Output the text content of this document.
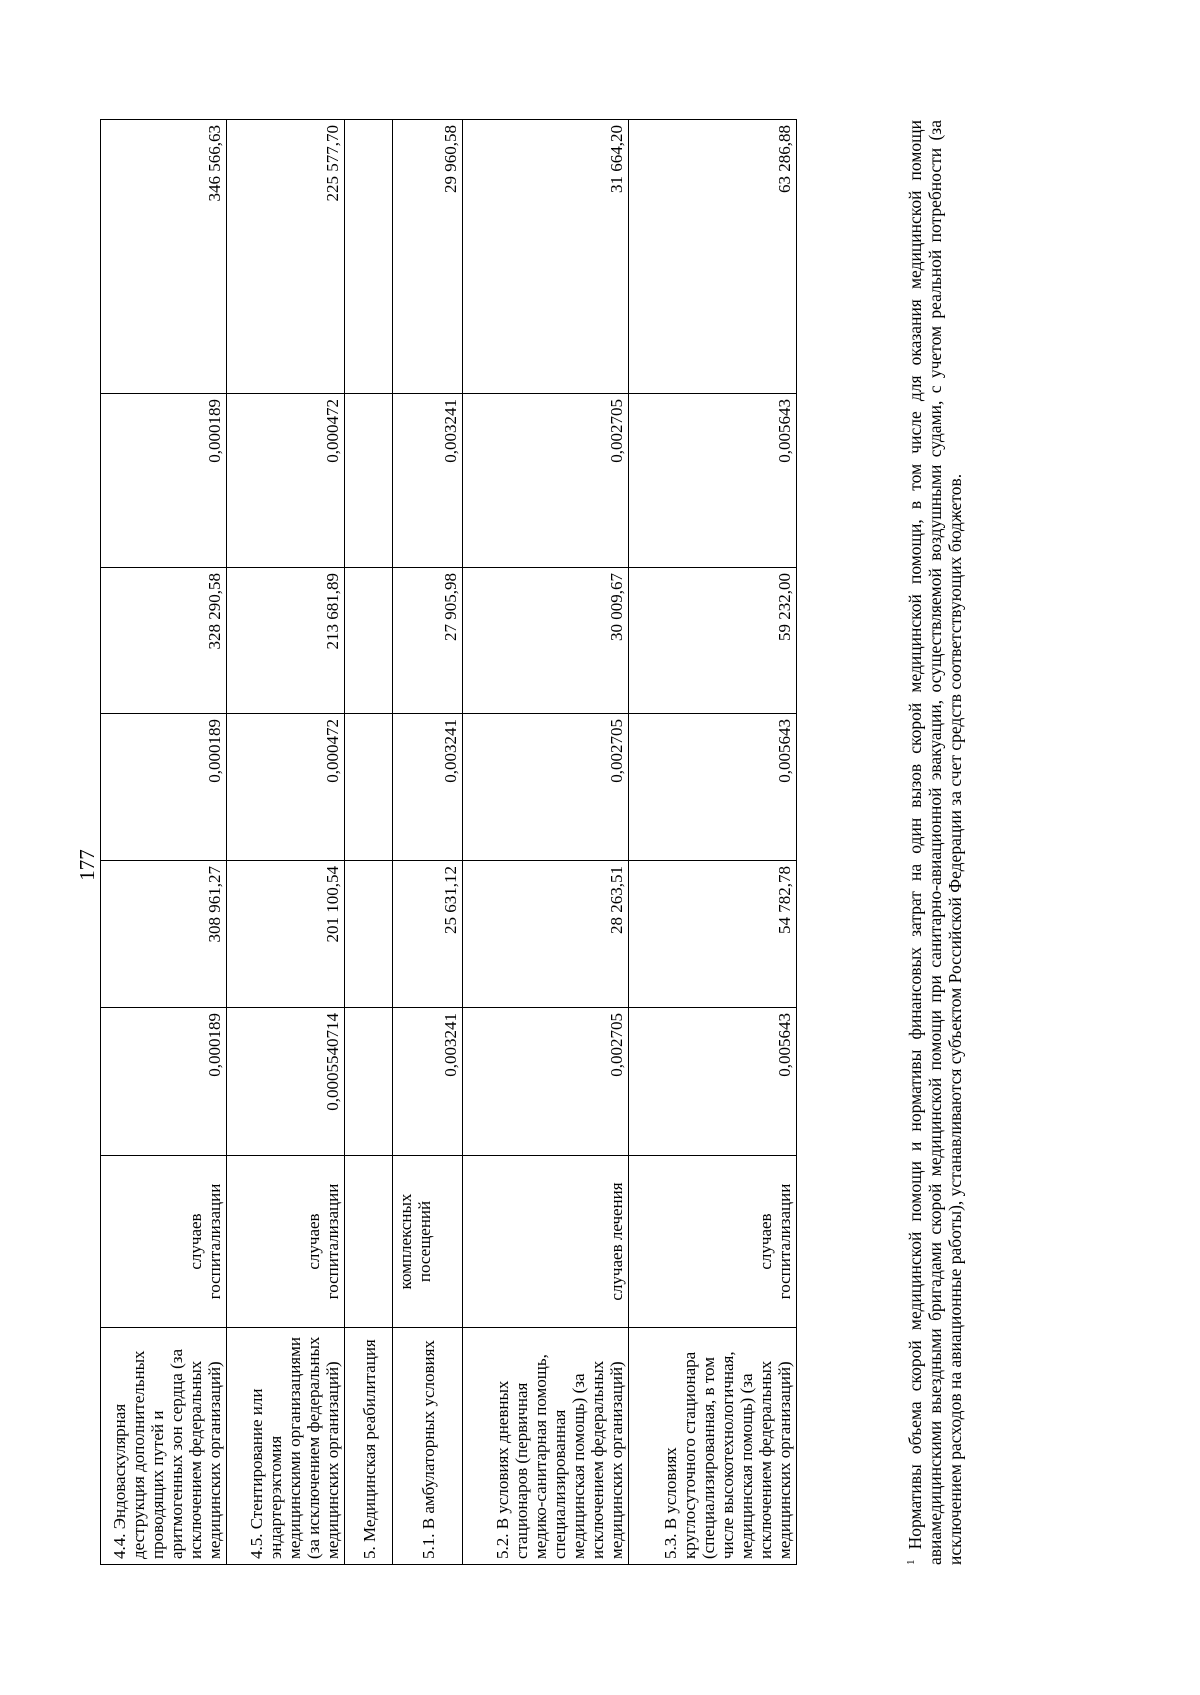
177
4.4. Эндоваскулярная деструкция дополнительных проводящих путей и аритмогенных зон сердца (за исключением федеральных медицинских организаций)	случаев госпитализации	0,000189	308 961,27	0,000189	328 290,58	0,000189	346 566,63
4.5. Стентирование или эндартерэктомия медицинскими организациями (за исключением федеральных медицинских организаций)	случаев госпитализации	0,0005540714	201 100,54	0,000472	213 681,89	0,000472	225 577,70
5. Медицинская реабилитация							
5.1. В амбулаторных условиях	комплексных посещений	0,003241	25 631,12	0,003241	27 905,98	0,003241	29 960,58
5.2. В условиях дневных стационаров (первичная медико-санитарная помощь, специализированная медицинская помощь) (за исключением федеральных медицинских организаций)	случаев лечения	0,002705	28 263,51	0,002705	30 009,67	0,002705	31 664,20
5.3. В условиях круглосуточного стационара (специализированная, в том числе высокотехнологичная, медицинская помощь) (за исключением федеральных медицинских организаций)	случаев госпитализации	0,005643	54 782,78	0,005643	59 232,00	0,005643	63 286,88
$^1$ Нормативы объема скорой медицинской помощи и нормативы финансовых затрат на один вызов скорой медицинской помощи, в том числе для оказания медицинской помощи авиамедицинскими выездными бригадами скорой медицинской помощи при санитарно-авиационной эвакуации, осуществляемой воздушными судами, с учетом реальной потребности (за исключением расходов на авиационные работы), устанавливаются субъектом Российской Федерации за счет средств соответствующих бюджетов.
